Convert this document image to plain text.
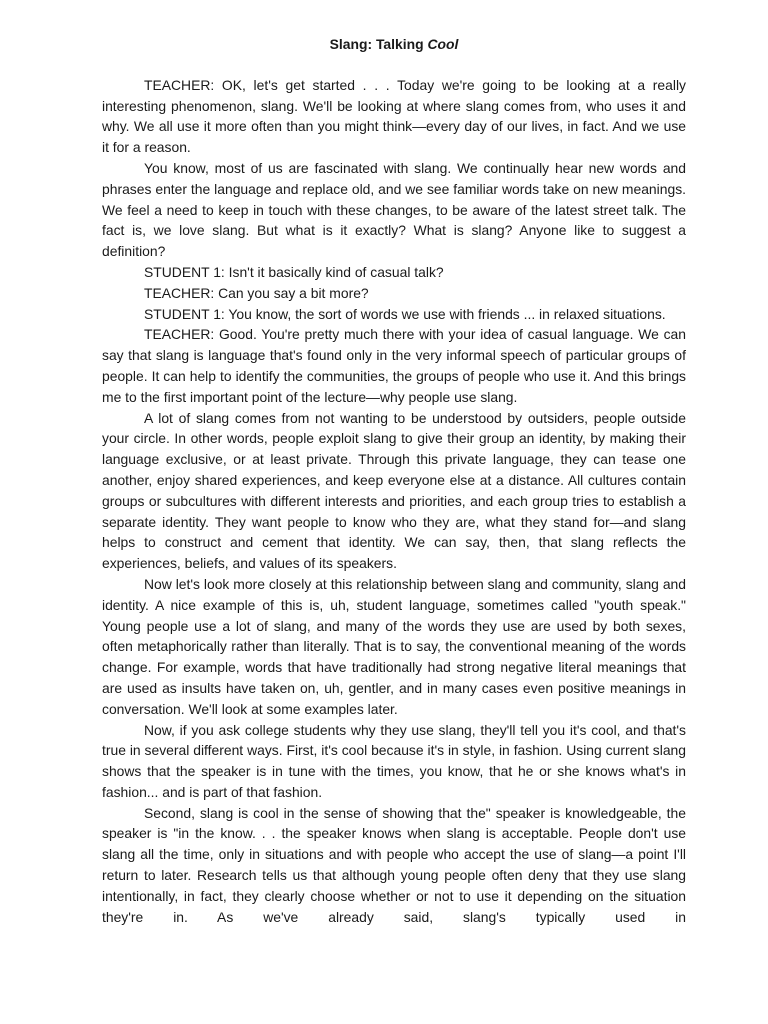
Slang: Talking Cool

TEACHER: OK, let's get started . . . Today we're going to be looking at a really interesting phenomenon, slang. We'll be looking at where slang comes from, who uses it and why. We all use it more often than you might think—every day of our lives, in fact. And we use it for a reason.

You know, most of us are fascinated with slang. We continually hear new words and phrases enter the language and replace old, and we see familiar words take on new meanings. We feel a need to keep in touch with these changes, to be aware of the latest street talk. The fact is, we love slang. But what is it exactly? What is slang? Anyone like to suggest a definition?

STUDENT 1: Isn't it basically kind of casual talk?

TEACHER: Can you say a bit more?

STUDENT 1: You know, the sort of words we use with friends ... in relaxed situations.

TEACHER: Good. You're pretty much there with your idea of casual language. We can say that slang is language that's found only in the very informal speech of particular groups of people. It can help to identify the communities, the groups of people who use it. And this brings me to the first important point of the lecture—why people use slang.

A lot of slang comes from not wanting to be understood by outsiders, people outside your circle. In other words, people exploit slang to give their group an identity, by making their language exclusive, or at least private. Through this private language, they can tease one another, enjoy shared experiences, and keep everyone else at a distance. All cultures contain groups or subcultures with different interests and priorities, and each group tries to establish a separate identity. They want people to know who they are, what they stand for—and slang helps to construct and cement that identity. We can say, then, that slang reflects the experiences, beliefs, and values of its speakers.

Now let's look more closely at this relationship between slang and community, slang and identity. A nice example of this is, uh, student language, sometimes called "youth speak." Young people use a lot of slang, and many of the words they use are used by both sexes, often metaphorically rather than literally. That is to say, the conventional meaning of the words change. For example, words that have traditionally had strong negative literal meanings that are used as insults have taken on, uh, gentler, and in many cases even positive meanings in conversation. We'll look at some examples later.

Now, if you ask college students why they use slang, they'll tell you it's cool, and that's true in several different ways. First, it's cool because it's in style, in fashion. Using current slang shows that the speaker is in tune with the times, you know, that he or she knows what's in fashion... and is part of that fashion.

Second, slang is cool in the sense of showing that the" speaker is knowledgeable, the speaker is "in the know. . . the speaker knows when slang is acceptable. People don't use slang all the time, only in situations and with people who accept the use of slang—a point I'll return to later. Research tells us that although young people often deny that they use slang intentionally, in fact, they clearly choose whether or not to use it depending on the situation they're in. As we've already said, slang's typically used in
